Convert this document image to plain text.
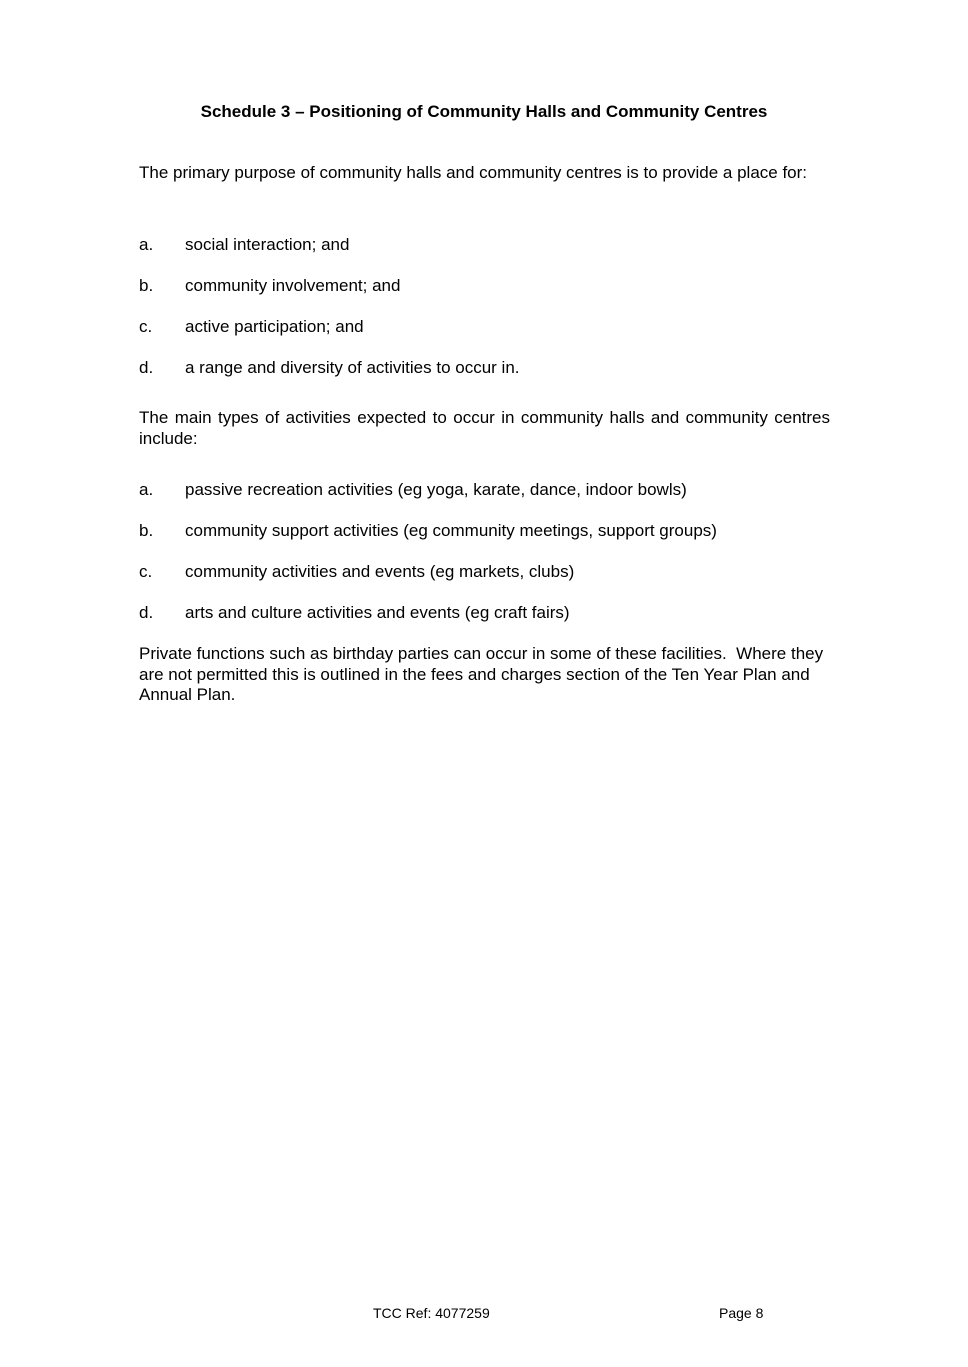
Schedule 3 – Positioning of Community Halls and Community Centres

The primary purpose of community halls and community centres is to provide a place for:

a. social interaction; and
b. community involvement; and
c. active participation; and
d. a range and diversity of activities to occur in.

The main types of activities expected to occur in community halls and community centres include:

a. passive recreation activities (eg yoga, karate, dance, indoor bowls)
b. community support activities (eg community meetings, support groups)
c. community activities and events (eg markets, clubs)
d. arts and culture activities and events (eg craft fairs)

Private functions such as birthday parties can occur in some of these facilities.  Where they are not permitted this is outlined in the fees and charges section of the Ten Year Plan and Annual Plan.

TCC Ref: 4077259	Page 8
